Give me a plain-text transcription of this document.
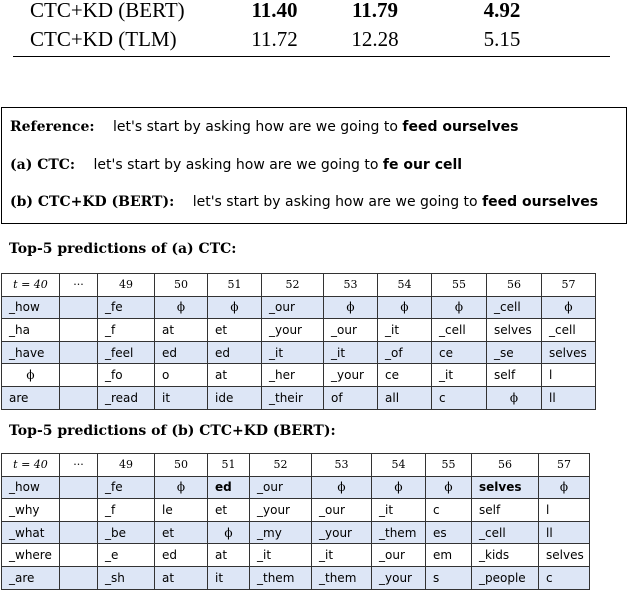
CTC+KD (BERT)	11.40	11.79	4.92
CTC+KD (TLM)	11.72	12.28	5.15
Reference: let's start by asking how are we going to feed ourselves
(a) CTC: let's start by asking how are we going to fe our cell
(b) CTC+KD (BERT): let's start by asking how are we going to feed ourselves
Top-5 predictions of (a) CTC:
t = 40	···	49	50	51	52	53	54	55	56	57
_how		_fe	ϕ	ϕ	_our	ϕ	ϕ	ϕ	_cell	ϕ
_ha		_f	at	et	_your	_our	_it	_cell	selves	_cell
_have		_feel	ed	ed	_it	_it	_of	ce	_se	selves
ϕ		_fo	o	at	_her	_your	ce	_it	self	l
are		_read	it	ide	_their	of	all	c	ϕ	ll
Top-5 predictions of (b) CTC+KD (BERT):
t = 40	···	49	50	51	52	53	54	55	56	57
_how		_fe	ϕ	ed	_our	ϕ	ϕ	ϕ	selves	ϕ
_why		_f	le	et	_your	_our	_it	c	self	l
_what		_be	et	ϕ	_my	_your	_them	es	_cell	ll
_where		_e	ed	at	_it	_it	_our	em	_kids	selves
_are		_sh	at	it	_them	_them	_your	s	_people	c
